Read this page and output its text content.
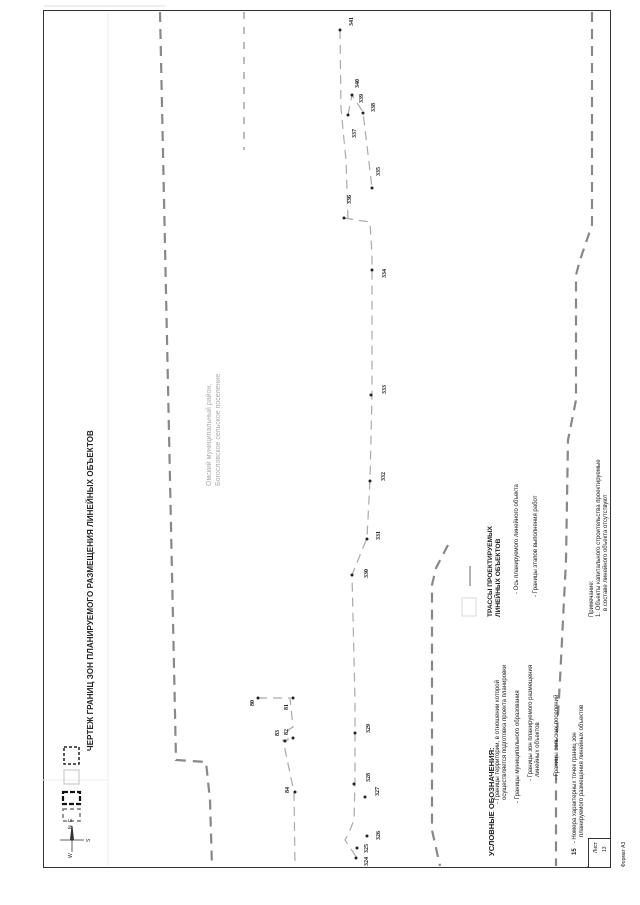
ЧЕРТЕЖ ГРАНИЦ ЗОН ПЛАНИРУЕМОГО РАЗМЕЩЕНИЯ ЛИНЕЙНЫХ ОБЪЕКТОВ
N
W
E
S
Омский муниципальный район, Богословское сельское поселение
УСЛОВНЫЕ ОБОЗНАЧЕНИЯ: - Границы территории, в отношении которой осуществляется подготовка проекта планировки - Границы муниципального образования - Границы зон планируемого размещения линейных объектов - Границы сельских поселений
15   - Номера характерных точек границ зон планируемого размещения линейных объектов
ТРАССЫ ПРОЕКТИРУЕМЫХ ЛИНЕЙНЫХ ОБЪЕКТОВ - Ось планируемого линейного объекта - Границы этапов выполнения работ
Примечание: 1. Объекты капитального строительства проектируемые в составе линейного объекта отсутствуют
Лист 13	Формат А3
341
340
339
338
337
335
336
334
333
332
331
330
329
328
327
326
325
324
80
81
82
83
84
